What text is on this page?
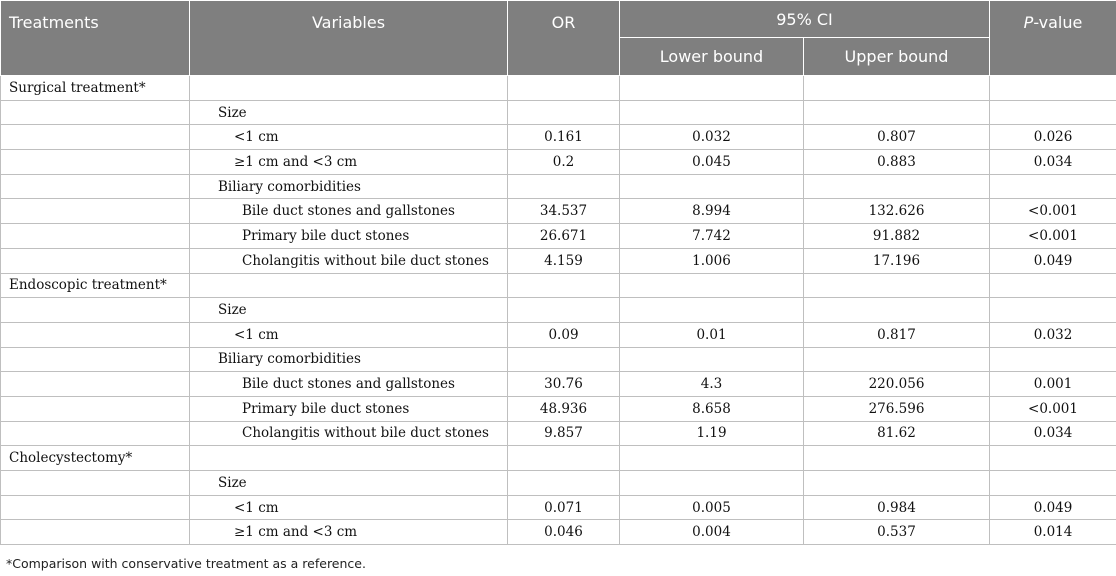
Treatments	Variables	OR	95% CI		P-value
			Lower bound	Upper bound	
Surgical treatment*					
	Size				
	<1 cm	0.161	0.032	0.807	0.026
	≥1 cm and <3 cm	0.2	0.045	0.883	0.034
	Biliary comorbidities				
	Bile duct stones and gallstones	34.537	8.994	132.626	<0.001
	Primary bile duct stones	26.671	7.742	91.882	<0.001
	Cholangitis without bile duct stones	4.159	1.006	17.196	0.049
Endoscopic treatment*					
	Size				
	<1 cm	0.09	0.01	0.817	0.032
	Biliary comorbidities				
	Bile duct stones and gallstones	30.76	4.3	220.056	0.001
	Primary bile duct stones	48.936	8.658	276.596	<0.001
	Cholangitis without bile duct stones	9.857	1.19	81.62	0.034
Cholecystectomy*					
	Size				
	<1 cm	0.071	0.005	0.984	0.049
	≥1 cm and <3 cm	0.046	0.004	0.537	0.014

*Comparison with conservative treatment as a reference.
